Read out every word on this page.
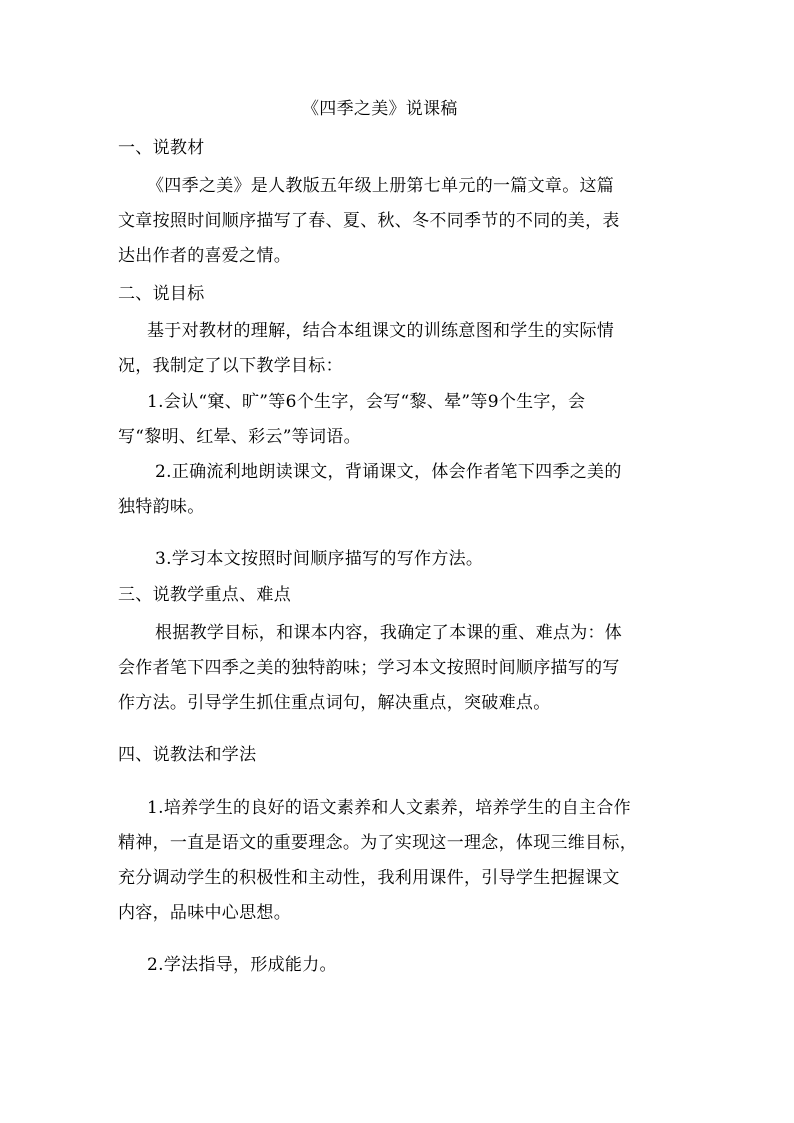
《四季之美》说课稿
一、说教材
《四季之美》是人教版五年级上册第七单元的一篇文章。这篇
文章按照时间顺序描写了春、夏、秋、冬不同季节的不同的美，表
达出作者的喜爱之情。
二、说目标
基于对教材的理解，结合本组课文的训练意图和学生的实际情
况，我制定了以下教学目标：
1.会认“窠、旷”等6个生字，会写“黎、晕”等9个生字，会
写“黎明、红晕、彩云”等词语。
2.正确流利地朗读课文，背诵课文，体会作者笔下四季之美的
独特韵味。
3.学习本文按照时间顺序描写的写作方法。
三、说教学重点、难点
根据教学目标，和课本内容，我确定了本课的重、难点为：体
会作者笔下四季之美的独特韵味；学习本文按照时间顺序描写的写
作方法。引导学生抓住重点词句，解决重点，突破难点。
四、说教法和学法
1.培养学生的良好的语文素养和人文素养，培养学生的自主合作
精神，一直是语文的重要理念。为了实现这一理念，体现三维目标，
充分调动学生的积极性和主动性，我利用课件，引导学生把握课文
内容，品味中心思想。
2.学法指导，形成能力。
